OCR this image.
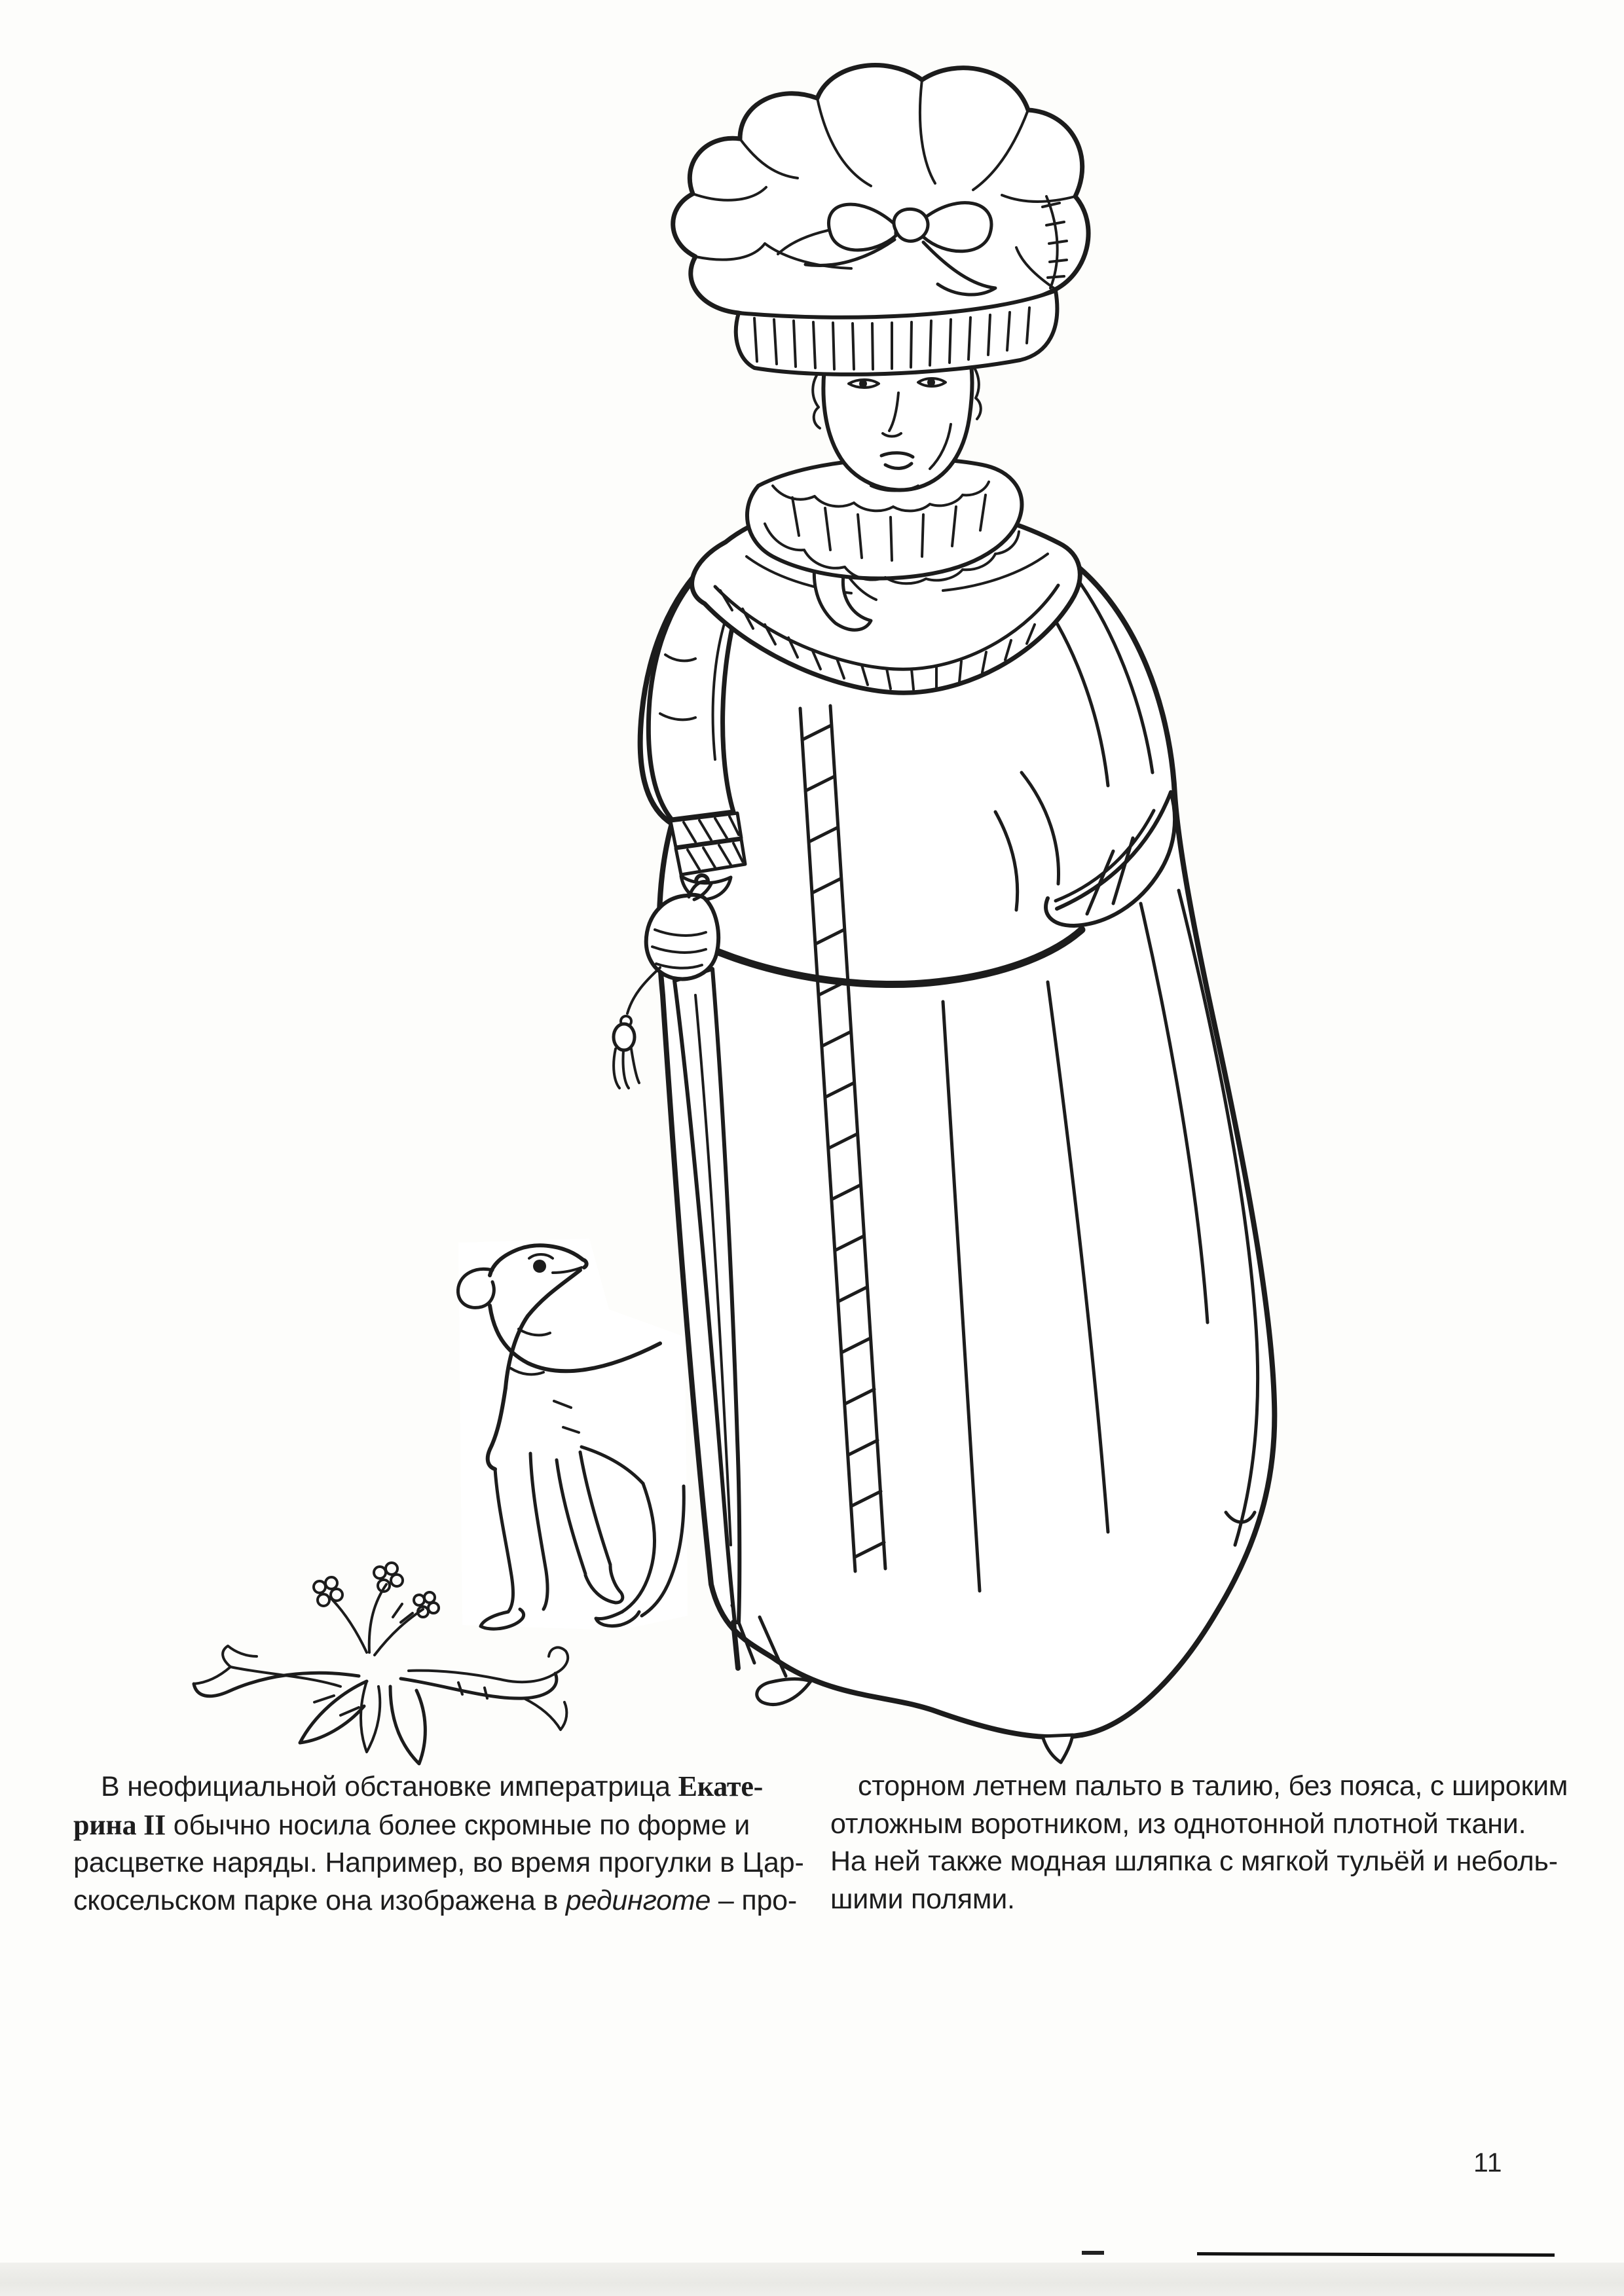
В неофициальной обстановке императрица Екате-
рина II обычно носила более скромные по форме и
расцветке наряды. Например, во время прогулки в Цар-
скосельском парке она изображена в рединготе – про-
сторном летнем пальто в талию, без пояса, с широким
отложным воротником, из однотонной плотной ткани.
На ней также модная шляпка с мягкой тульёй и неболь-
шими полями.
11
